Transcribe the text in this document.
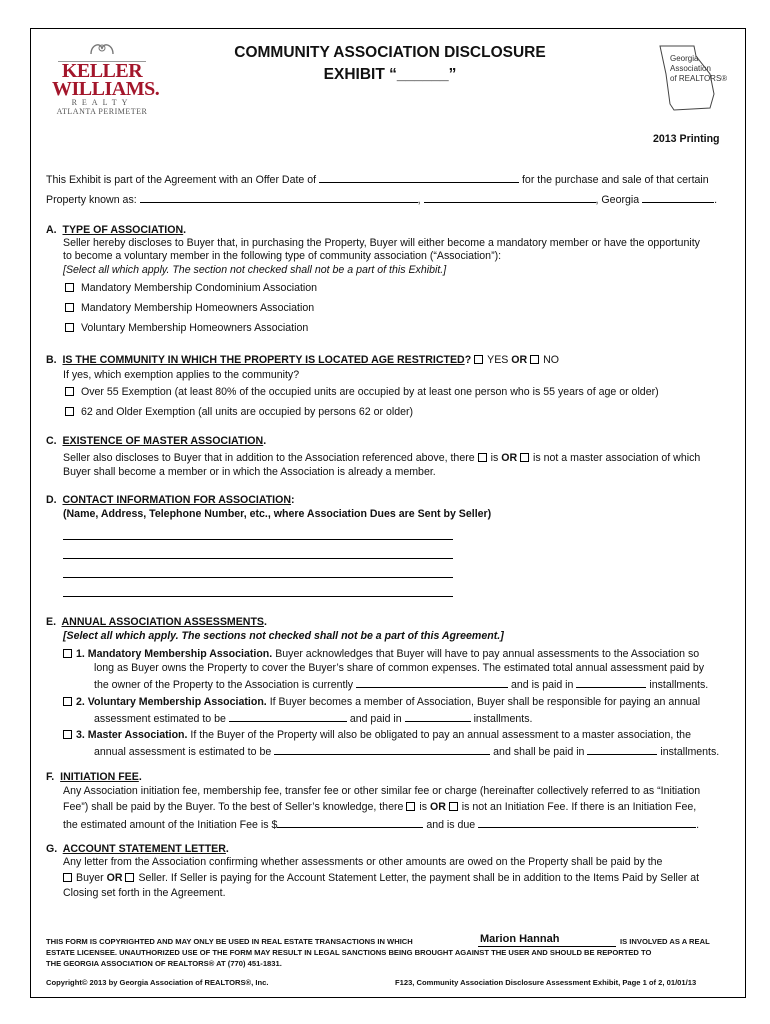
KELLER WILLIAMS.
REALTY
ATLANTA PERIMETER
COMMUNITY ASSOCIATION DISCLOSURE
EXHIBIT “______”
Georgia
Association
of REALTORS®
2013 Printing
This Exhibit is part of the Agreement with an Offer Date of	for the purchase and sale of that certain
Property known as:	,	, Georgia	.
A. TYPE OF ASSOCIATION.
Seller hereby discloses to Buyer that, in purchasing the Property, Buyer will either become a mandatory member or have the opportunity
to become a voluntary member in the following type of community association (“Association”):
[Select all which apply. The section not checked shall not be a part of this Exhibit.]
Mandatory Membership Condominium Association
Mandatory Membership Homeowners Association
Voluntary Membership Homeowners Association
B. IS THE COMMUNITY IN WHICH THE PROPERTY IS LOCATED AGE RESTRICTED? YES OR NO
If yes, which exemption applies to the community?
Over 55 Exemption (at least 80% of the occupied units are occupied by at least one person who is 55 years of age or older)
62 and Older Exemption (all units are occupied by persons 62 or older)
C. EXISTENCE OF MASTER ASSOCIATION.
Seller also discloses to Buyer that in addition to the Association referenced above, there is OR is not a master association of which
Buyer shall become a member or in which the Association is already a member.
D. CONTACT INFORMATION FOR ASSOCIATION:
(Name, Address, Telephone Number, etc., where Association Dues are Sent by Seller)
E. ANNUAL ASSOCIATION ASSESSMENTS.
[Select all which apply. The sections not checked shall not be a part of this Agreement.]
1. Mandatory Membership Association. Buyer acknowledges that Buyer will have to pay annual assessments to the Association so
long as Buyer owns the Property to cover the Buyer’s share of common expenses. The estimated total annual assessment paid by
the owner of the Property to the Association is currently	and is paid in	installments.
2. Voluntary Membership Association. If Buyer becomes a member of Association, Buyer shall be responsible for paying an annual
assessment estimated to be	and paid in	installments.
3. Master Association. If the Buyer of the Property will also be obligated to pay an annual assessment to a master association, the
annual assessment is estimated to be	and shall be paid in	installments.
F. INITIATION FEE.
Any Association initiation fee, membership fee, transfer fee or other similar fee or charge (hereinafter collectively referred to as “Initiation
Fee”) shall be paid by the Buyer. To the best of Seller’s knowledge, there is OR is not an Initiation Fee. If there is an Initiation Fee,
the estimated amount of the Initiation Fee is $	and is due	.
G. ACCOUNT STATEMENT LETTER.
Any letter from the Association confirming whether assessments or other amounts are owed on the Property shall be paid by the
Buyer OR Seller. If Seller is paying for the Account Statement Letter, the payment shall be in addition to the Items Paid by Seller at
Closing set forth in the Agreement.
THIS FORM IS COPYRIGHTED AND MAY ONLY BE USED IN REAL ESTATE TRANSACTIONS IN WHICH	Marion Hannah	IS INVOLVED AS A REAL
ESTATE LICENSEE. UNAUTHORIZED USE OF THE FORM MAY RESULT IN LEGAL SANCTIONS BEING BROUGHT AGAINST THE USER AND SHOULD BE REPORTED TO
THE GEORGIA ASSOCIATION OF REALTORS® AT (770) 451-1831.
Copyright© 2013 by Georgia Association of REALTORS®, Inc.	F123, Community Association Disclosure Assessment Exhibit, Page 1 of 2, 01/01/13
